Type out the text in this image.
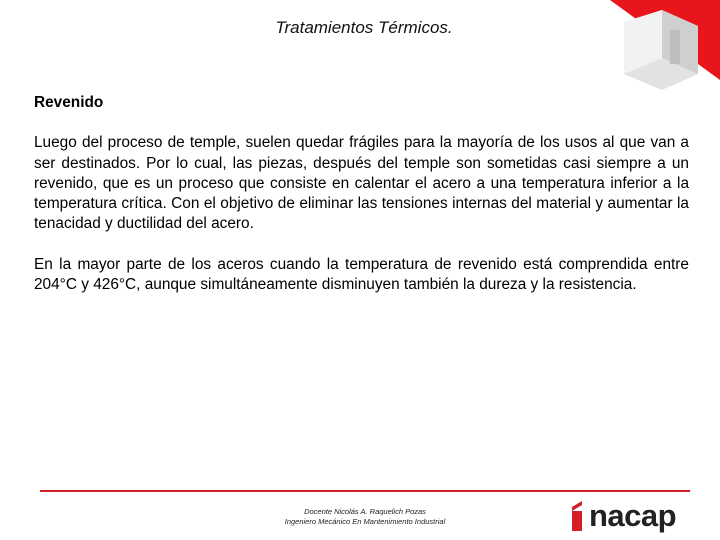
Tratamientos Térmicos.
Revenido

Luego del proceso de temple, suelen quedar frágiles para la mayoría de los usos al que van a ser destinados. Por lo cual, las piezas, después del temple son sometidas casi siempre a un revenido, que es un proceso que consiste en calentar el acero a una temperatura inferior a la temperatura crítica. Con el objetivo de eliminar las tensiones internas del material y aumentar la tenacidad y ductilidad del acero.

En la mayor parte de los aceros cuando la temperatura de revenido está comprendida entre 204°C y 426°C, aunque simultáneamente disminuyen también la dureza y la resistencia.

Docente Nicolás A. Raquelich Pozas
Ingeniero Mecánico En Mantenimiento Industrial	nacap
